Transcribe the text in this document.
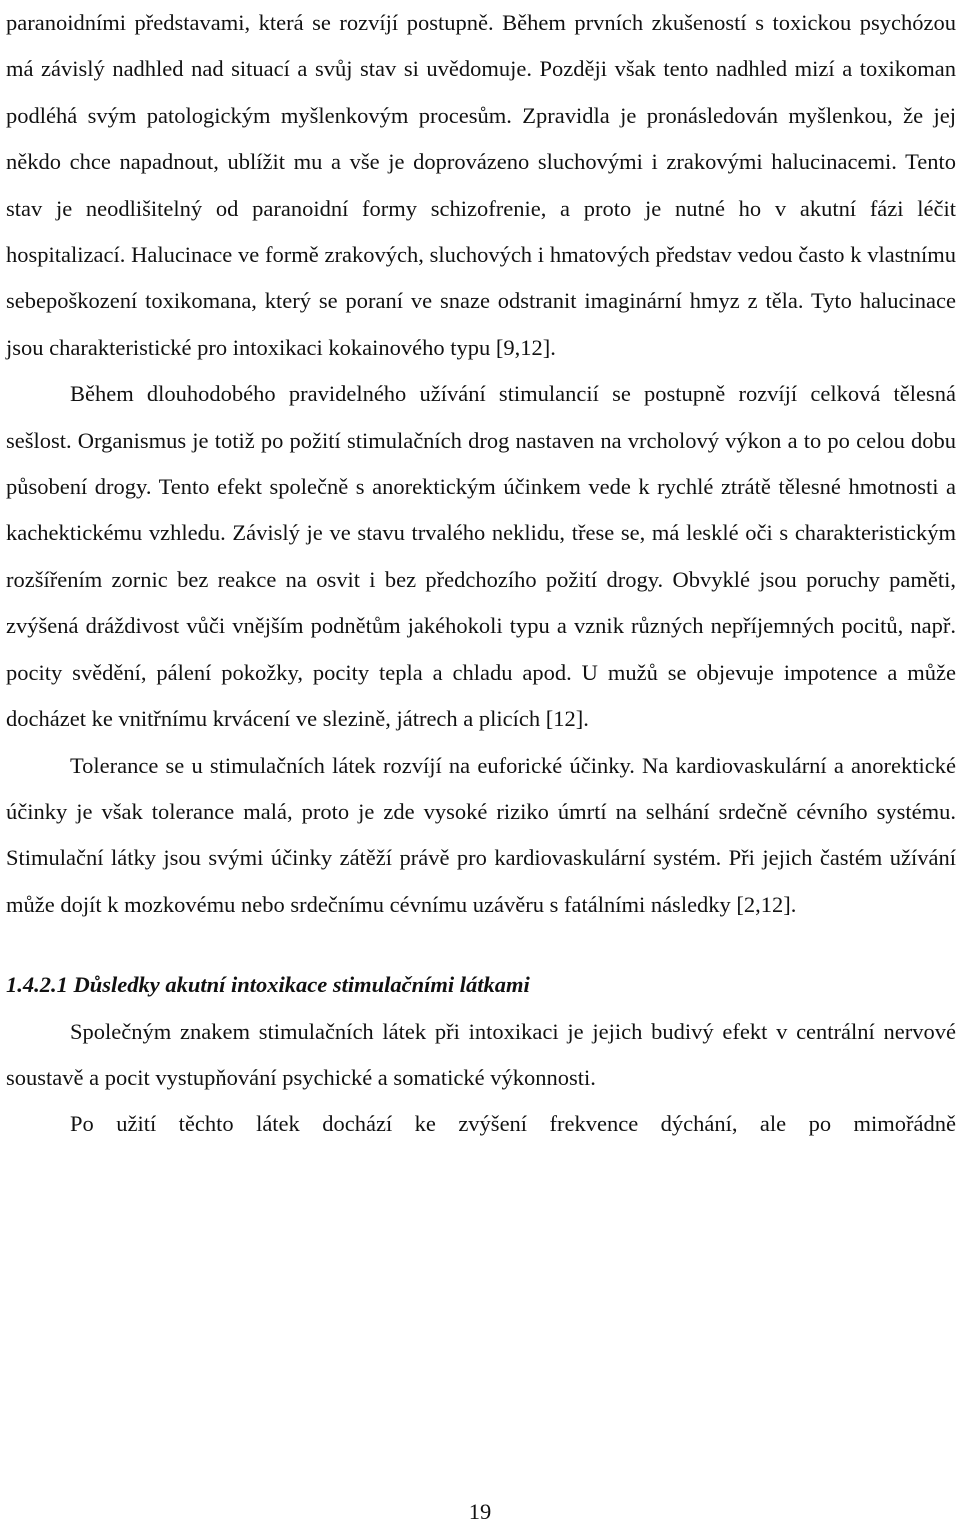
paranoidními představami, která se rozvíjí postupně. Během prvních zkušeností s toxickou psychózou má závislý nadhled nad situací a svůj stav si uvědomuje. Později však tento nadhled mizí a toxikoman podléhá svým patologickým myšlenkovým procesům. Zpravidla je pronásledován myšlenkou, že jej někdo chce napadnout, ublížit mu a vše je doprovázeno sluchovými i zrakovými halucinacemi. Tento stav je neodlišitelný od paranoidní formy schizofrenie, a proto je nutné ho v akutní fázi léčit hospitalizací. Halucinace ve formě zrakových, sluchových i hmatových představ vedou často k vlastnímu sebepoškození toxikomana, který se poraní ve snaze odstranit imaginární hmyz z těla. Tyto halucinace jsou charakteristické pro intoxikaci kokainového typu [9,12].

Během dlouhodobého pravidelného užívání stimulancií se postupně rozvíjí celková tělesná sešlost. Organismus je totiž po požití stimulačních drog nastaven na vrcholový výkon a to po celou dobu působení drogy. Tento efekt společně s anorektickým účinkem vede k rychlé ztrátě tělesné hmotnosti a kachektickému vzhledu. Závislý je ve stavu trvalého neklidu, třese se, má lesklé oči s charakteristickým rozšířením zornic bez reakce na osvit i bez předchozího požití drogy. Obvyklé jsou poruchy paměti, zvýšená dráždivost vůči vnějším podnětům jakéhokoli typu a vznik různých nepříjemných pocitů, např. pocity svědění, pálení pokožky, pocity tepla a chladu apod. U mužů se objevuje impotence a může docházet ke vnitřnímu krvácení ve slezině, játrech a plicích [12].

Tolerance se u stimulačních látek rozvíjí na euforické účinky. Na kardiovaskulární a anorektické účinky je však tolerance malá, proto je zde vysoké riziko úmrtí na selhání srdečně cévního systému. Stimulační látky jsou svými účinky zátěží právě pro kardiovaskulární systém. Při jejich častém užívání může dojít k mozkovému nebo srdečnímu cévnímu uzávěru s fatálními následky [2,12].

1.4.2.1 Důsledky akutní intoxikace stimulačními látkami

Společným znakem stimulačních látek při intoxikaci je jejich budivý efekt v centrální nervové soustavě a pocit vystupňování psychické a somatické výkonnosti.

Po užití těchto látek dochází ke zvýšení frekvence dýchání, ale po mimořádně

19
